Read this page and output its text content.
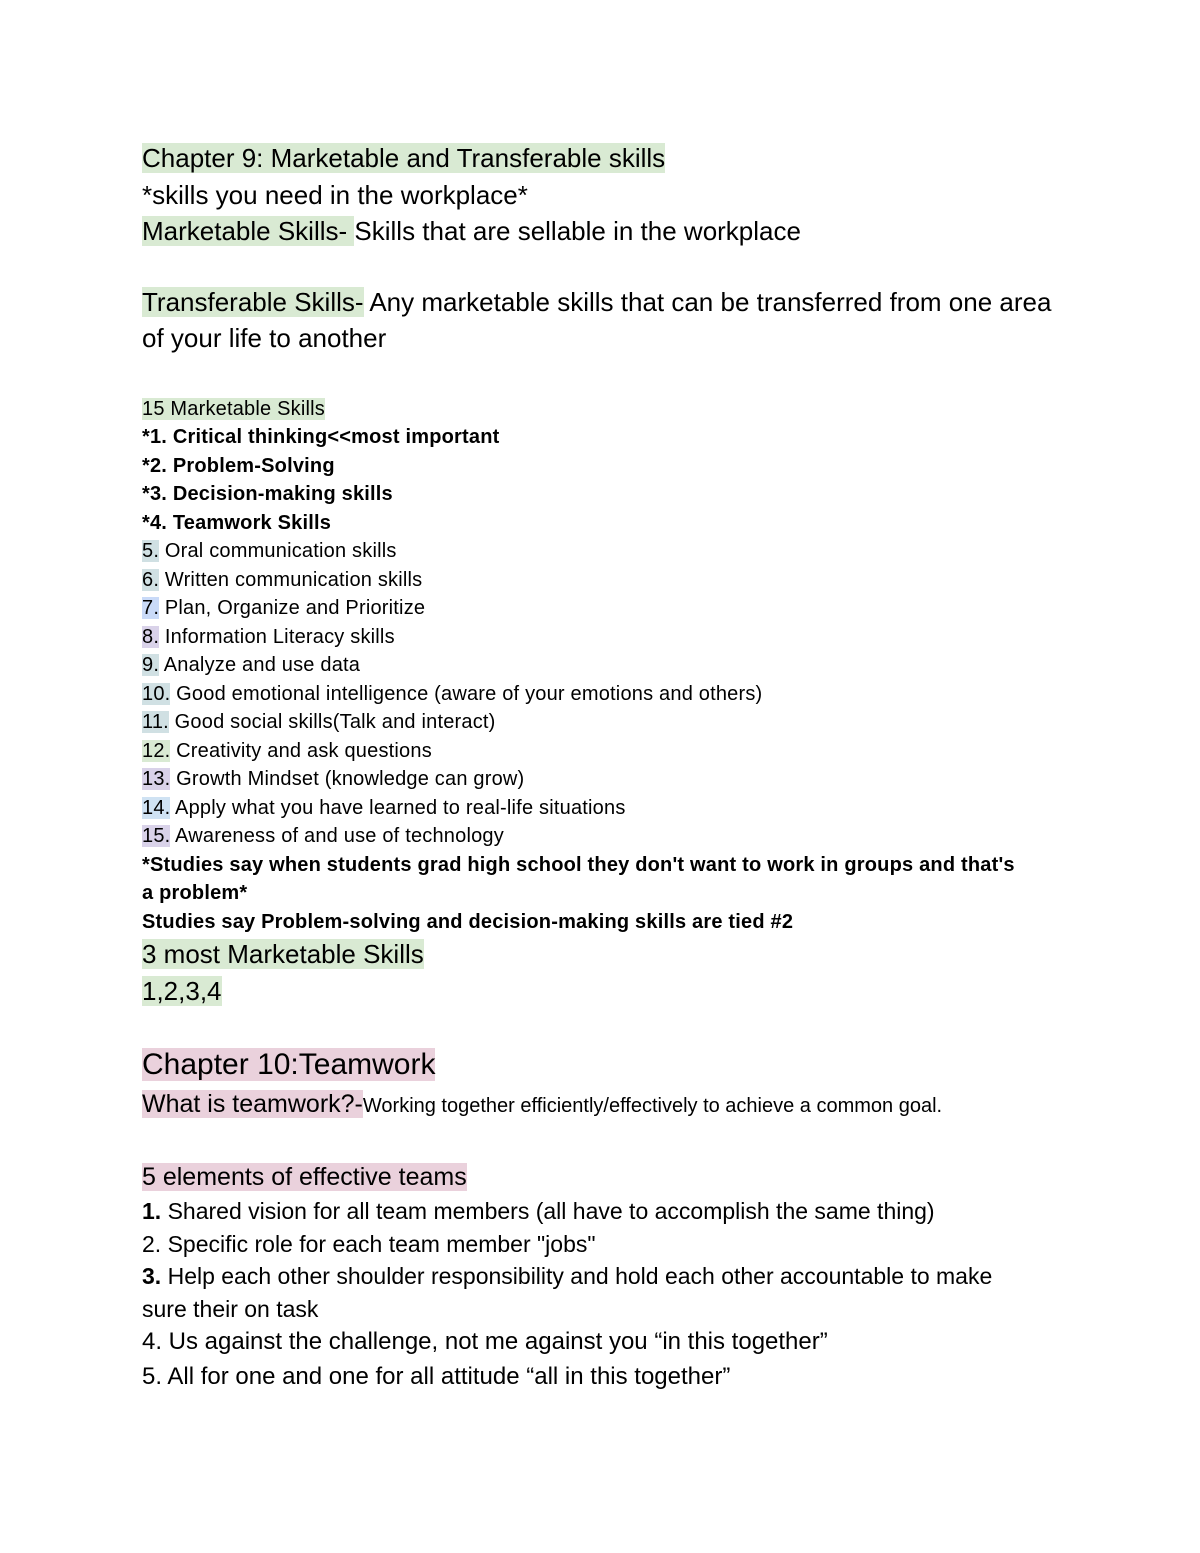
Chapter 9: Marketable and Transferable skills

*skills you need in the workplace*

Marketable Skills- Skills that are sellable in the workplace

Transferable Skills- Any marketable skills that can be transferred from one area of your life to another

15 Marketable Skills

*1. Critical thinking<<most important

*2. Problem-Solving

*3. Decision-making skills

*4. Teamwork Skills

5. Oral communication skills

6. Written communication skills

7. Plan, Organize and Prioritize

8. Information Literacy skills

9. Analyze and use data

10. Good emotional intelligence (aware of your emotions and others)

11. Good social skills(Talk and interact)

12. Creativity and ask questions

13. Growth Mindset (knowledge can grow)

14. Apply what you have learned to real-life situations

15. Awareness of and use of technology

*Studies say when students grad high school they don't want to work in groups and that's a problem*

Studies say Problem-solving and decision-making skills are tied #2

3 most Marketable Skills

1,2,3,4

Chapter 10:Teamwork

What is teamwork?-Working together efficiently/effectively to achieve a common goal.

5 elements of effective teams

1. Shared vision for all team members (all have to accomplish the same thing)

2. Specific role for each team member "jobs"

3. Help each other shoulder responsibility and hold each other accountable to make sure their on task

4. Us against the challenge, not me against you “in this together”

5. All for one and one for all attitude “all in this together”
